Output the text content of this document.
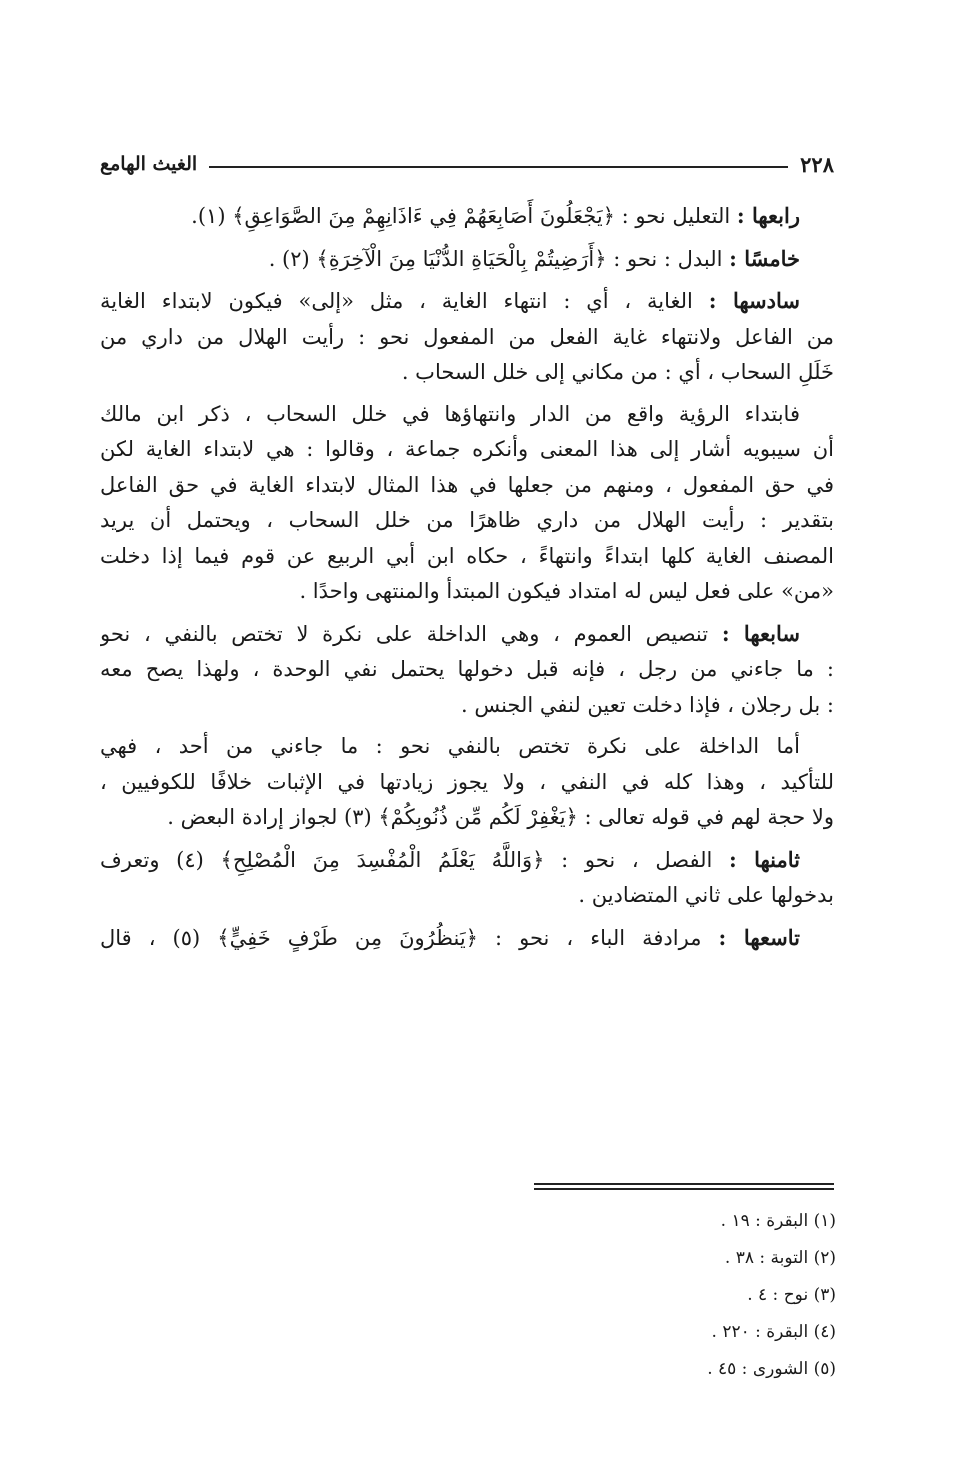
٢٢٨
الغيث الهامع
رابعها : التعليل نحو : ﴿يَجْعَلُونَ أَصَابِعَهُمْ فِي ءَاذَانِهِمْ مِنَ الصَّوَاعِقِ﴾ (١).
خامسًا : البدل : نحو : ﴿أَرَضِيتُمْ بِالْحَيَاةِ الدُّنْيَا مِنَ الْآخِرَةِ﴾ (٢) .
سادسها : الغاية ، أي : انتهاء الغاية ، مثل «إلى» فيكون لابتداء الغاية
من الفاعل ولانتهاء غاية الفعل من المفعول نحو : رأيت الهلال من داري من
خَلَلِ السحاب ، أي : من مكاني إلى خلل السحاب .
فابتداء الرؤية واقع من الدار وانتهاؤها في خلل السحاب ، ذكر ابن مالك
أن سيبويه أشار إلى هذا المعنى وأنكره جماعة ، وقالوا : هي لابتداء الغاية لكن
في حق المفعول ، ومنهم من جعلها في هذا المثال لابتداء الغاية في حق الفاعل
بتقدير : رأيت الهلال من داري ظاهرًا من خلل السحاب ، ويحتمل أن يريد
المصنف الغاية كلها ابتداءً وانتهاءً ، حكاه ابن أبي الربيع عن قوم فيما إذا دخلت
«من» على فعل ليس له امتداد فيكون المبتدأ والمنتهى واحدًا .
سابعها : تنصيص العموم ، وهي الداخلة على نكرة لا تختص بالنفي ، نحو
: ما جاءني من رجل ، فإنه قبل دخولها يحتمل نفي الوحدة ، ولهذا يصح معه
: بل رجلان ، فإذا دخلت تعين لنفي الجنس .
أما الداخلة على نكرة تختص بالنفي نحو : ما جاءني من أحد ، فهي
للتأكيد ، وهذا كله في النفي ، ولا يجوز زيادتها في الإثبات خلافًا للكوفيين ،
ولا حجة لهم في قوله تعالى : ﴿يَغْفِرْ لَكُم مِّن ذُنُوبِكُمْ﴾ (٣) لجواز إرادة البعض .
ثامنها : الفصل ، نحو : ﴿وَاللَّهُ يَعْلَمُ الْمُفْسِدَ مِنَ الْمُصْلِحِ﴾ (٤) وتعرف
بدخولها على ثاني المتضادين .
تاسعها : مرادفة الباء ، نحو : ﴿يَنظُرُونَ مِن طَرْفٍ خَفِيٍّ﴾ (٥) ، قال
(١) البقرة : ١٩ .
(٢) التوبة : ٣٨ .
(٣) نوح : ٤ .
(٤) البقرة : ٢٢٠ .
(٥) الشورى : ٤٥ .
